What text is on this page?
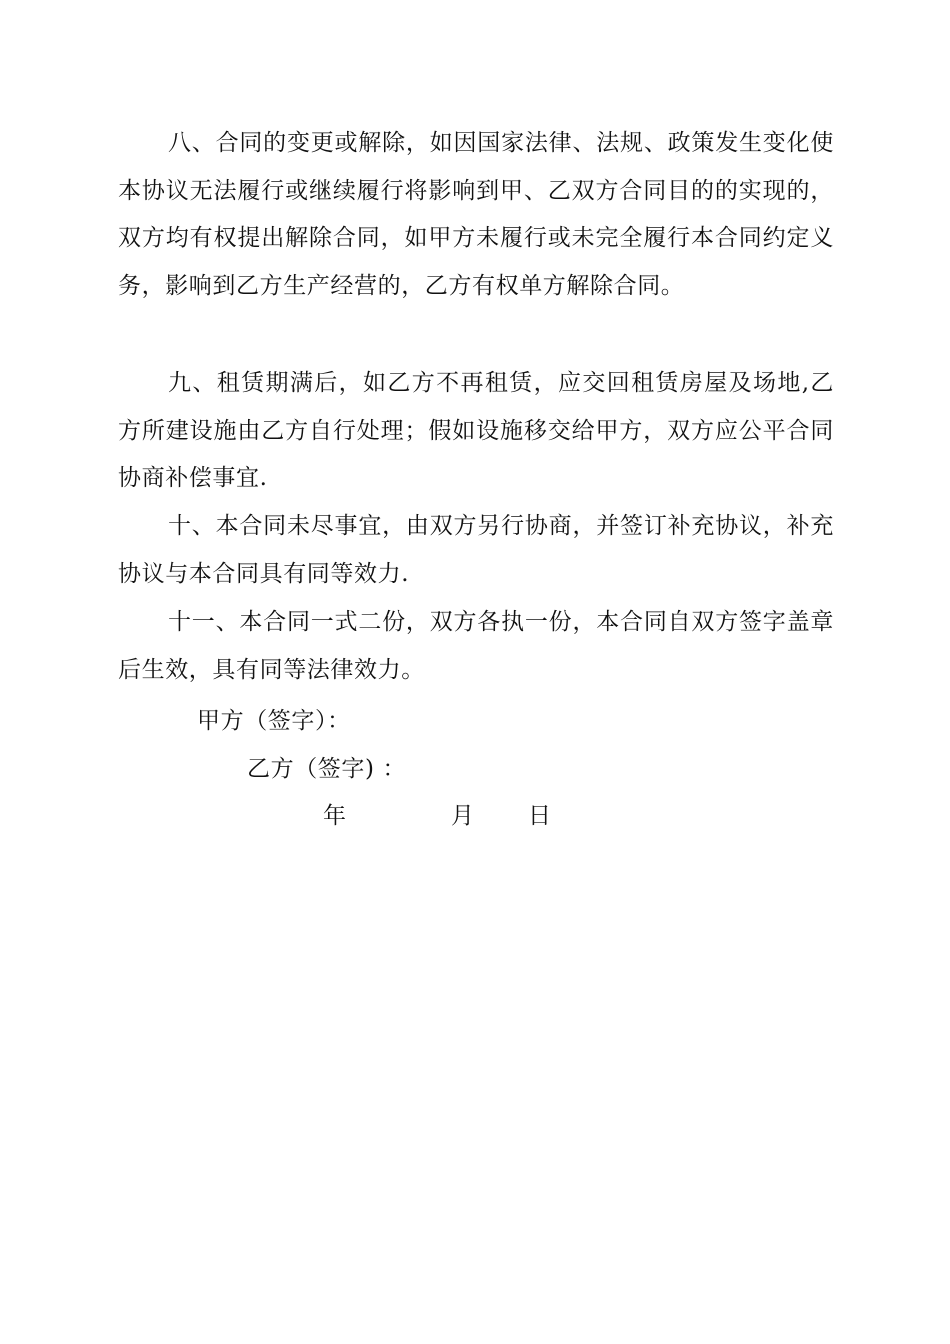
八、合同的变更或解除，如因国家法律、法规、政策发生变化使本协议无法履行或继续履行将影响到甲、乙双方合同目的的实现的，双方均有权提出解除合同，如甲方未履行或未完全履行本合同约定义务，影响到乙方生产经营的，乙方有权单方解除合同。

九、租赁期满后，如乙方不再租赁，应交回租赁房屋及场地,乙方所建设施由乙方自行处理；假如设施移交给甲方，双方应公平合同协商补偿事宜.

十、本合同未尽事宜，由双方另行协商，并签订补充协议，补充协议与本合同具有同等效力.

十一、本合同一式二份，双方各执一份，本合同自双方签字盖章后生效，具有同等法律效力。

甲方（签字）：
乙方（签字) ：
年	月 日
